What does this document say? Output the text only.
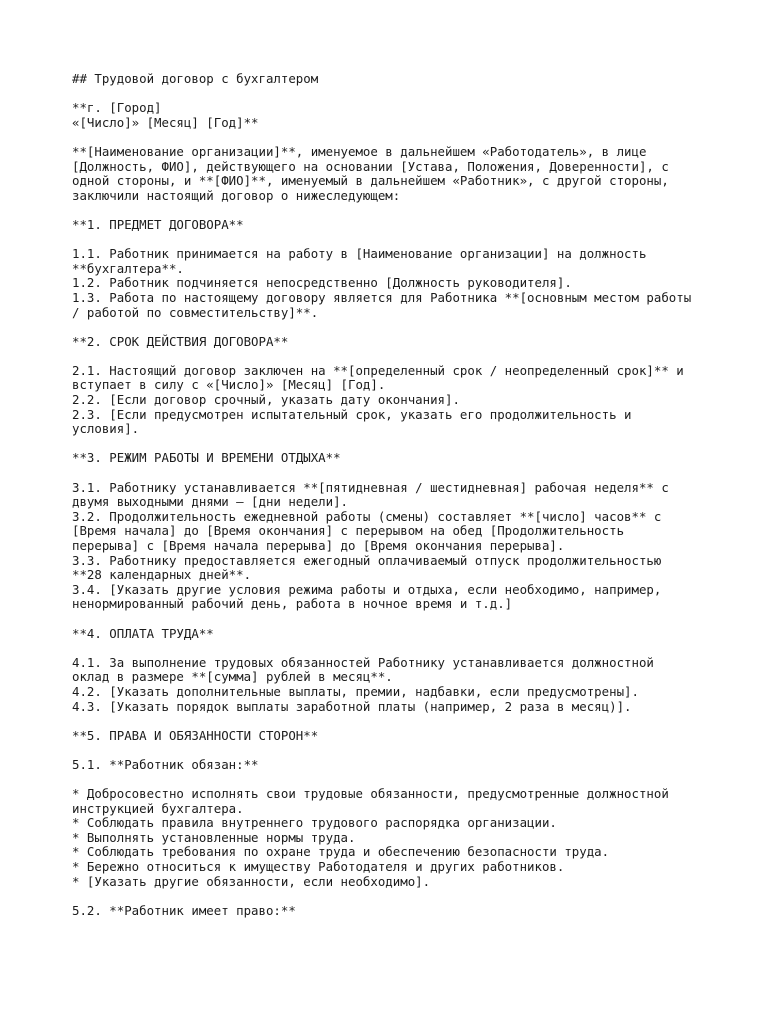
## Трудовой договор с бухгалтером
**г. [Город]
«[Число]» [Месяц] [Год]**
**[Наименование организации]**, именуемое в дальнейшем «Работодатель», в лице
[Должность, ФИО], действующего на основании [Устава, Положения, Доверенности], с
одной стороны, и **[ФИО]**, именуемый в дальнейшем «Работник», с другой стороны,
заключили настоящий договор о нижеследующем:
**1. ПРЕДМЕТ ДОГОВОРА**
1.1. Работник принимается на работу в [Наименование организации] на должность
**бухгалтера**.
1.2. Работник подчиняется непосредственно [Должность руководителя].
1.3. Работа по настоящему договору является для Работника **[основным местом работы
/ работой по совместительству]**.
**2. СРОК ДЕЙСТВИЯ ДОГОВОРА**
2.1. Настоящий договор заключен на **[определенный срок / неопределенный срок]** и
вступает в силу с «[Число]» [Месяц] [Год].
2.2. [Если договор срочный, указать дату окончания].
2.3. [Если предусмотрен испытательный срок, указать его продолжительность и
условия].
**3. РЕЖИМ РАБОТЫ И ВРЕМЕНИ ОТДЫХА**
3.1. Работнику устанавливается **[пятидневная / шестидневная] рабочая неделя** с
двумя выходными днями – [дни недели].
3.2. Продолжительность ежедневной работы (смены) составляет **[число] часов** с
[Время начала] до [Время окончания] с перерывом на обед [Продолжительность
перерыва] с [Время начала перерыва] до [Время окончания перерыва].
3.3. Работнику предоставляется ежегодный оплачиваемый отпуск продолжительностью
**28 календарных дней**.
3.4. [Указать другие условия режима работы и отдыха, если необходимо, например,
ненормированный рабочий день, работа в ночное время и т.д.]
**4. ОПЛАТА ТРУДА**
4.1. За выполнение трудовых обязанностей Работнику устанавливается должностной
оклад в размере **[сумма] рублей в месяц**.
4.2. [Указать дополнительные выплаты, премии, надбавки, если предусмотрены].
4.3. [Указать порядок выплаты заработной платы (например, 2 раза в месяц)].
**5. ПРАВА И ОБЯЗАННОСТИ СТОРОН**
5.1. **Работник обязан:**
* Добросовестно исполнять свои трудовые обязанности, предусмотренные должностной
инструкцией бухгалтера.
* Соблюдать правила внутреннего трудового распорядка организации.
* Выполнять установленные нормы труда.
* Соблюдать требования по охране труда и обеспечению безопасности труда.
* Бережно относиться к имуществу Работодателя и других работников.
* [Указать другие обязанности, если необходимо].
5.2. **Работник имеет право:**
